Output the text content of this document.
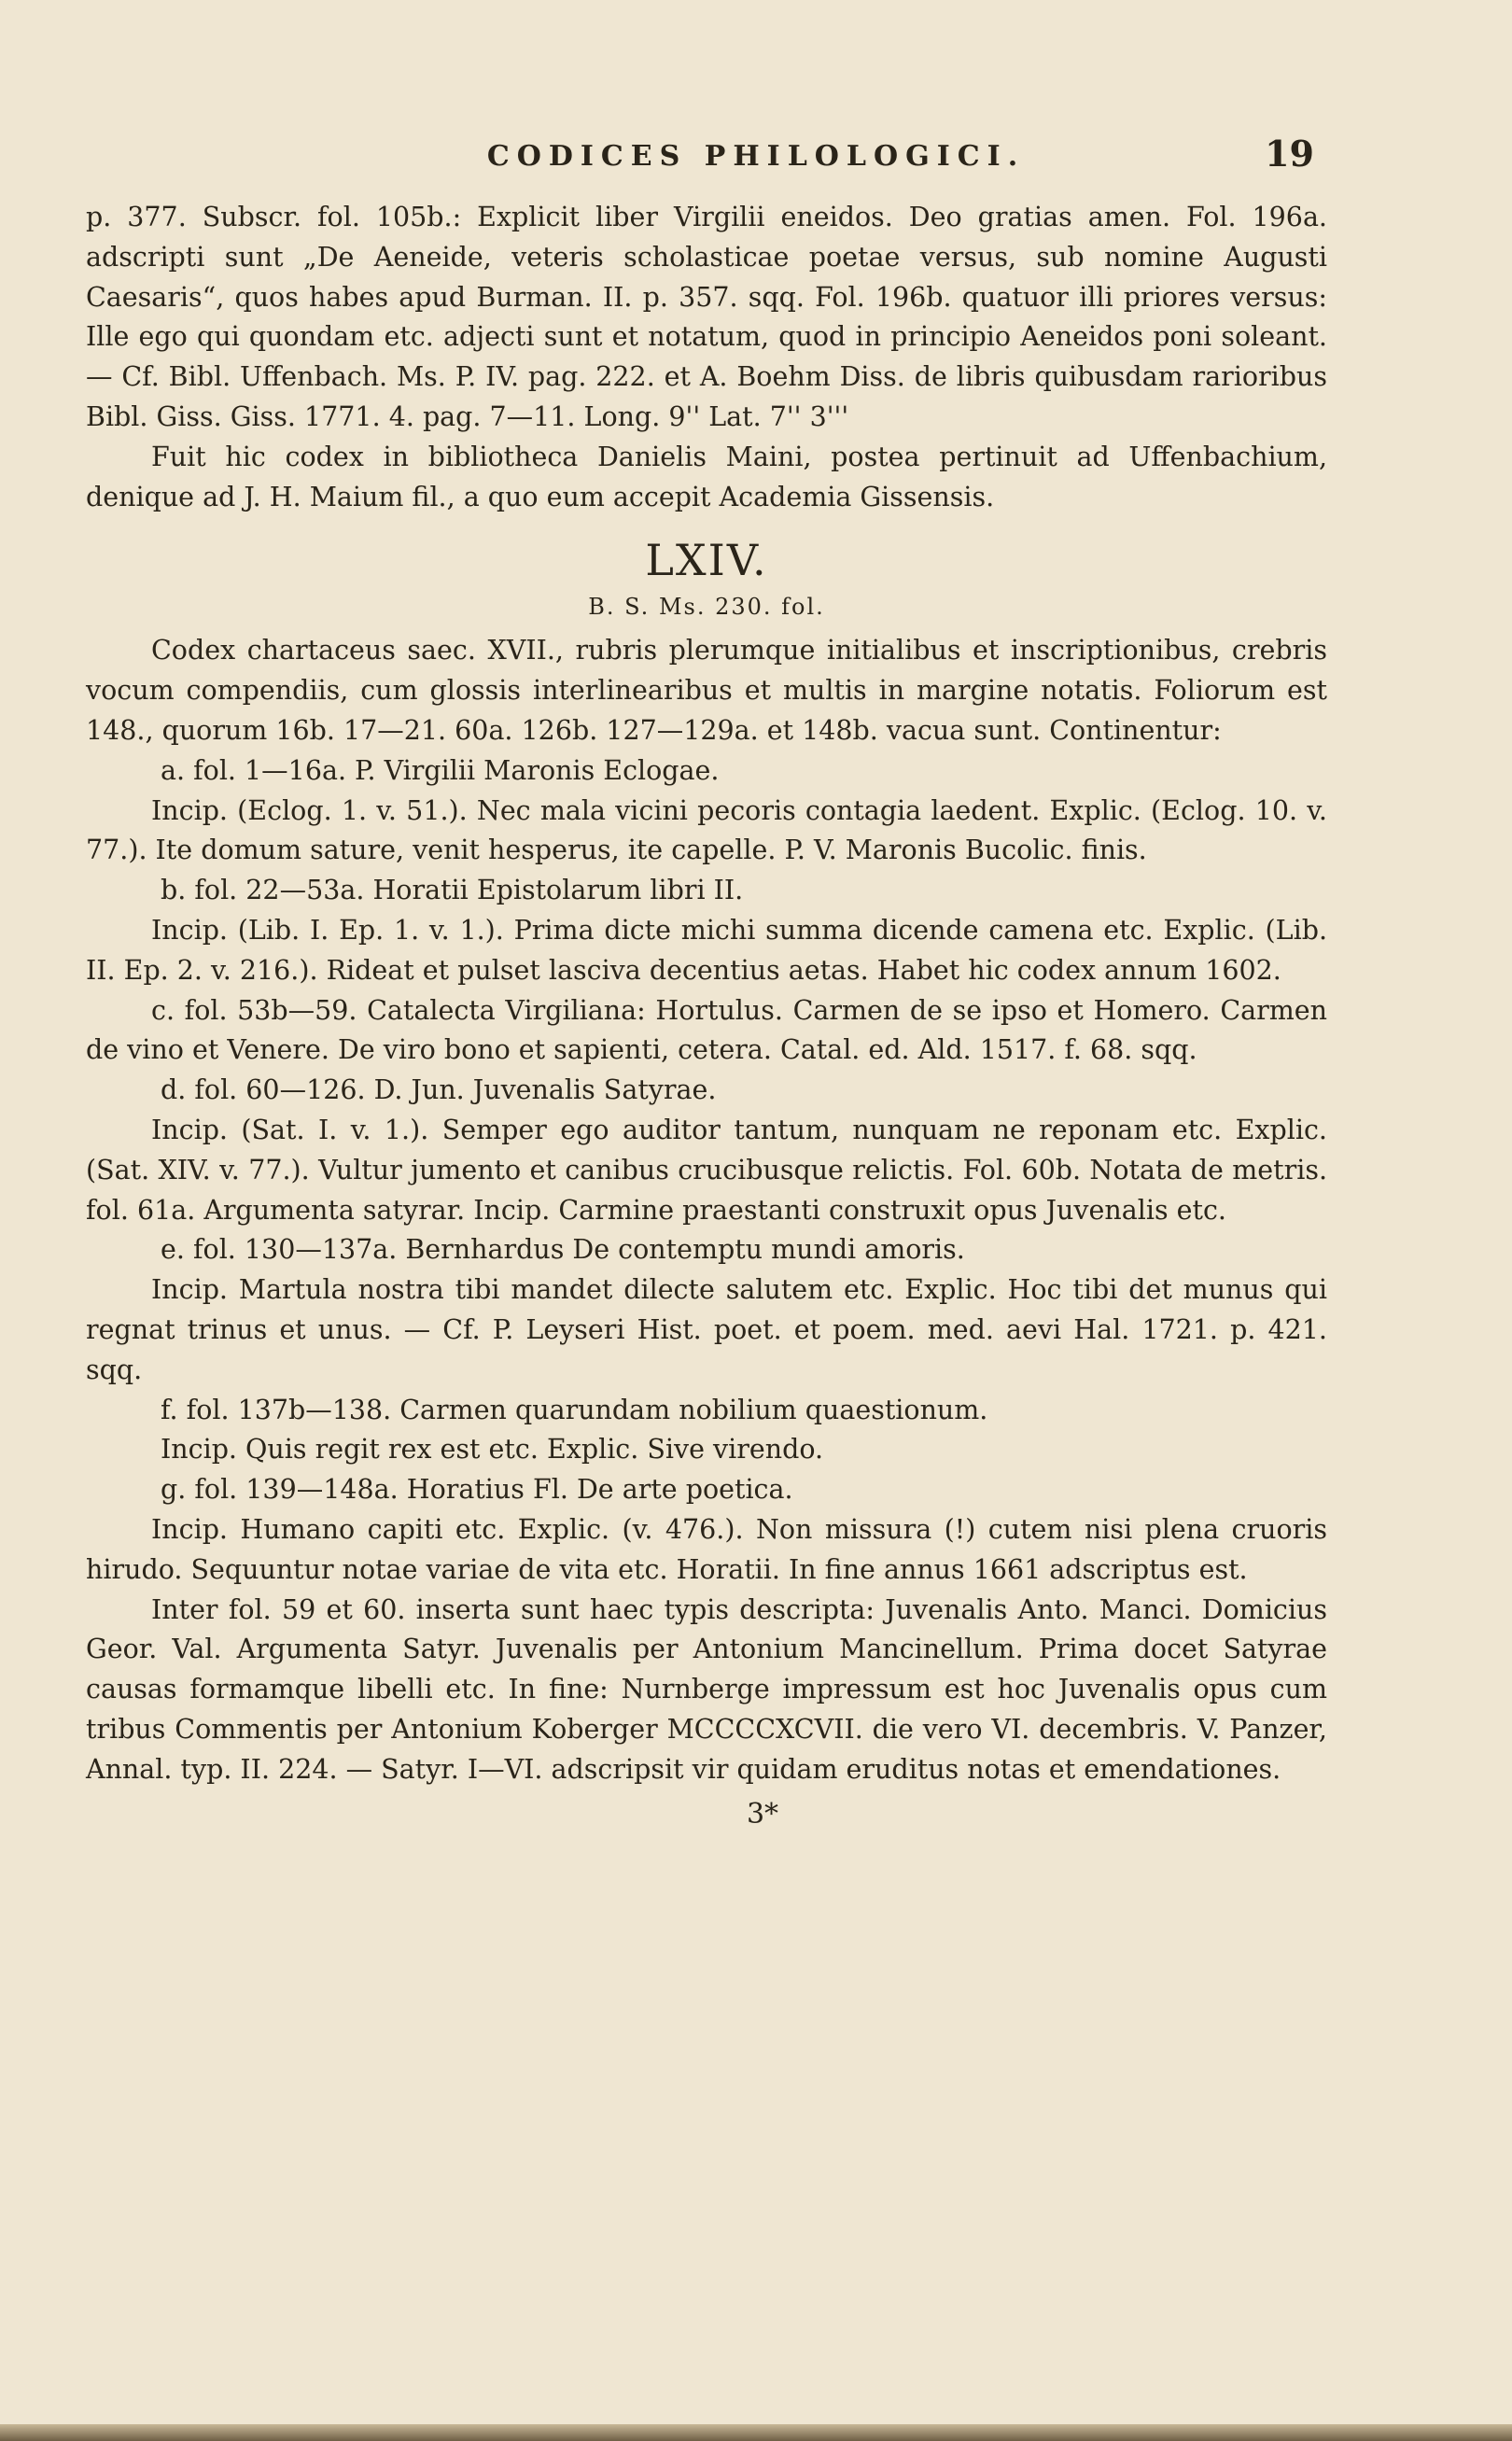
CODICES PHILOLOGICI.	19

p. 377. Subscr. fol. 105b.: Explicit liber Virgilii eneidos. Deo gratias amen. Fol. 196a. adscripti sunt „De Aeneide, veteris scholasticae poetae versus, sub nomine Augusti Caesaris“, quos habes apud Burman. II. p. 357. sqq. Fol. 196b. quatuor illi priores versus: Ille ego qui quondam etc. adjecti sunt et notatum, quod in principio Aeneidos poni soleant. — Cf. Bibl. Uffenbach. Ms. P. IV. pag. 222. et A. Boehm Diss. de libris quibusdam rarioribus Bibl. Giss. Giss. 1771. 4. pag. 7—11. Long. 9'' Lat. 7'' 3'''

Fuit hic codex in bibliotheca Danielis Maini, postea pertinuit ad Uffenbachium, denique ad J. H. Maium fil., a quo eum accepit Academia Gissensis.

LXIV.
B. S. Ms. 230. fol.

Codex chartaceus saec. XVII., rubris plerumque initialibus et inscriptionibus, crebris vocum compendiis, cum glossis interlinearibus et multis in margine notatis. Foliorum est 148., quorum 16b. 17—21. 60a. 126b. 127—129a. et 148b. vacua sunt. Continentur:

a. fol. 1—16a. P. Virgilii Maronis Eclogae.

Incip. (Eclog. 1. v. 51.). Nec mala vicini pecoris contagia laedent. Explic. (Eclog. 10. v. 77.). Ite domum sature, venit hesperus, ite capelle. P. V. Maronis Bucolic. finis.

b. fol. 22—53a. Horatii Epistolarum libri II.

Incip. (Lib. I. Ep. 1. v. 1.). Prima dicte michi summa dicende camena etc. Explic. (Lib. II. Ep. 2. v. 216.). Rideat et pulset lasciva decentius aetas. Habet hic codex annum 1602.

c. fol. 53b—59. Catalecta Virgiliana: Hortulus. Carmen de se ipso et Homero. Carmen de vino et Venere. De viro bono et sapienti, cetera. Catal. ed. Ald. 1517. f. 68. sqq.

d. fol. 60—126. D. Jun. Juvenalis Satyrae.

Incip. (Sat. I. v. 1.). Semper ego auditor tantum, nunquam ne reponam etc. Explic. (Sat. XIV. v. 77.). Vultur jumento et canibus crucibusque relictis. Fol. 60b. Notata de metris. fol. 61a. Argumenta satyrar. Incip. Carmine praestanti construxit opus Juvenalis etc.

e. fol. 130—137a. Bernhardus De contemptu mundi amoris.

Incip. Martula nostra tibi mandet dilecte salutem etc. Explic. Hoc tibi det munus qui regnat trinus et unus. — Cf. P. Leyseri Hist. poet. et poem. med. aevi Hal. 1721. p. 421. sqq.

f. fol. 137b—138. Carmen quarundam nobilium quaestionum.

Incip. Quis regit rex est etc. Explic. Sive virendo.

g. fol. 139—148a. Horatius Fl. De arte poetica.

Incip. Humano capiti etc. Explic. (v. 476.). Non missura (!) cutem nisi plena cruoris hirudo. Sequuntur notae variae de vita etc. Horatii. In fine annus 1661 adscriptus est.

Inter fol. 59 et 60. inserta sunt haec typis descripta: Juvenalis Anto. Manci. Domicius Geor. Val. Argumenta Satyr. Juvenalis per Antonium Mancinellum. Prima docet Satyrae causas formamque libelli etc. In fine: Nurnberge impressum est hoc Juvenalis opus cum tribus Commentis per Antonium Koberger MCCCCXCVII. die vero VI. decembris. V. Panzer, Annal. typ. II. 224. — Satyr. I—VI. adscripsit vir quidam eruditus notas et emendationes.

3*
